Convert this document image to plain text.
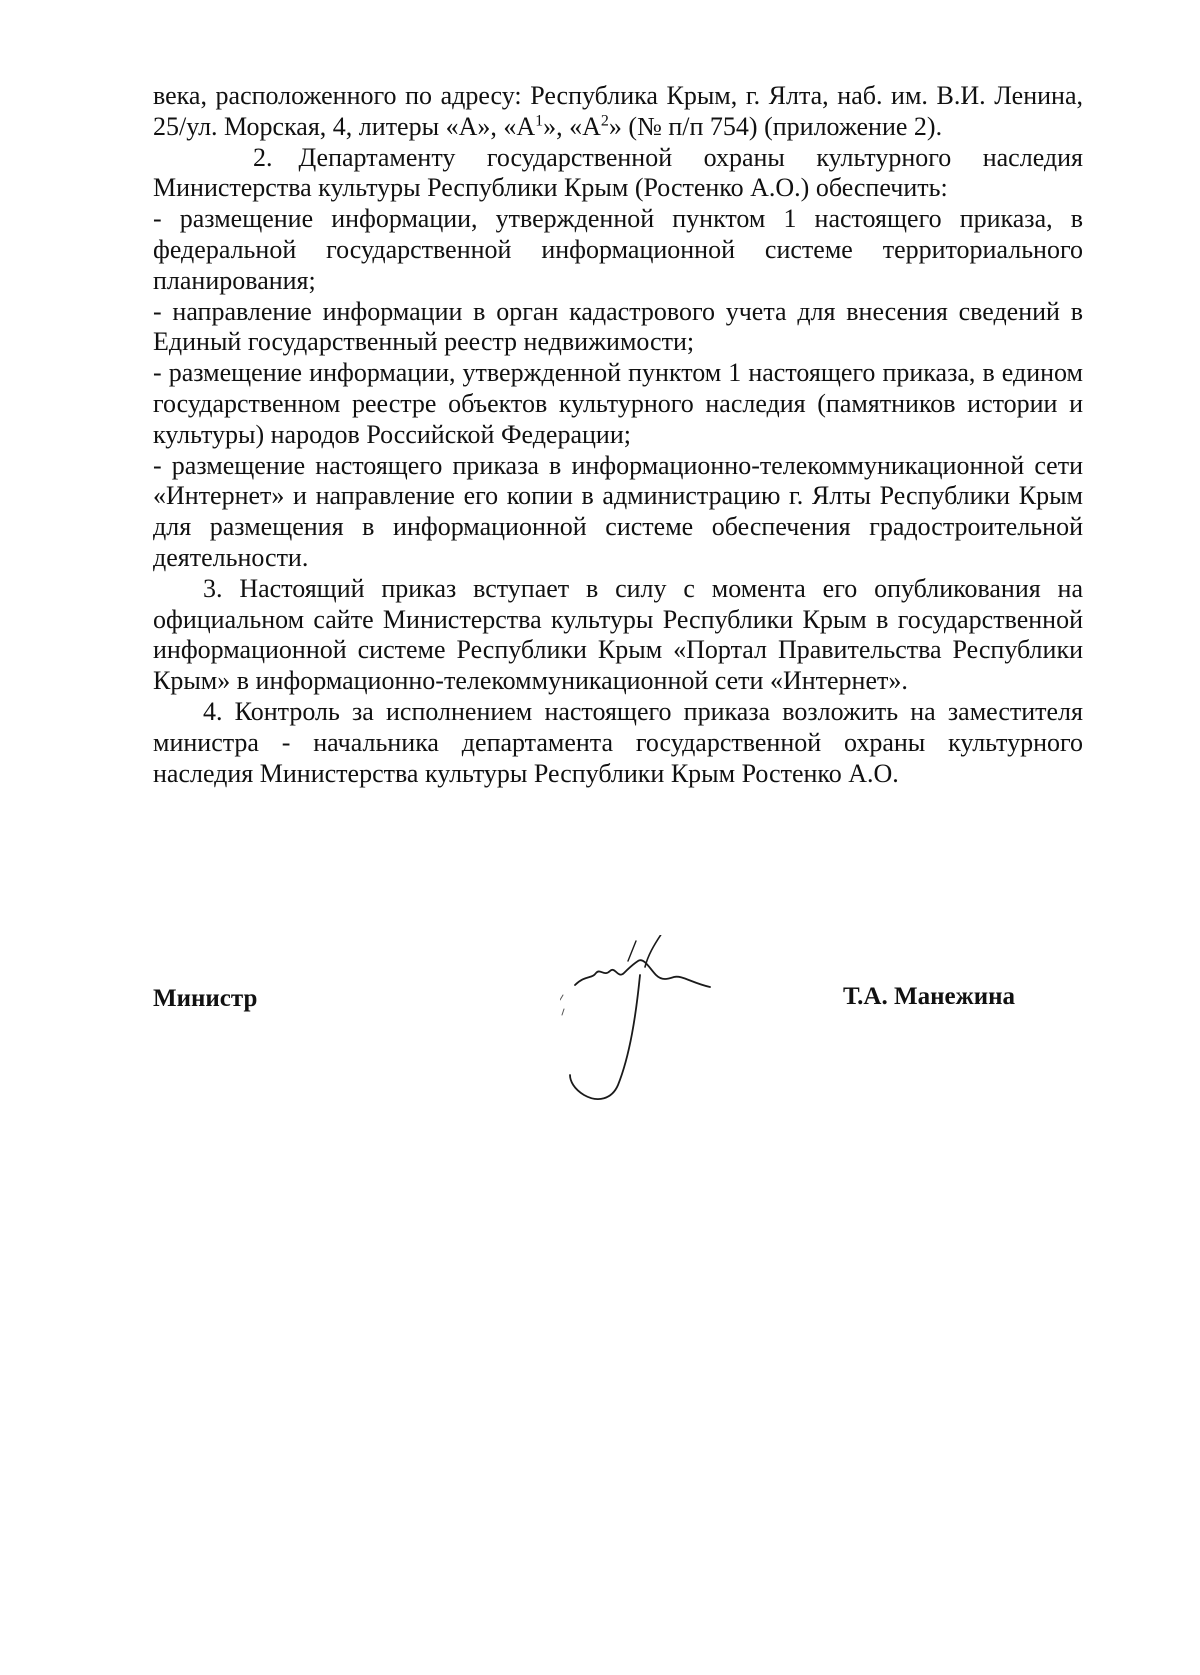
века, расположенного по адресу: Республика Крым, г. Ялта, наб. им. В.И. Ленина, 25/ул. Морская, 4, литеры «А», «$А^1$», «$А^2$» (№ п/п 754) (приложение 2).

2. Департаменту государственной охраны культурного наследия Министерства культуры Республики Крым (Ростенко А.О.) обеспечить:

- размещение информации, утвержденной пунктом 1 настоящего приказа, в федеральной государственной информационной системе территориального планирования;

- направление информации в орган кадастрового учета для внесения сведений в Единый государственный реестр недвижимости;

- размещение информации, утвержденной пунктом 1 настоящего приказа, в едином государственном реестре объектов культурного наследия (памятников истории и культуры) народов Российской Федерации;

- размещение настоящего приказа в информационно-телекоммуникационной сети «Интернет» и направление его копии в администрацию г. Ялты Республики Крым для размещения в информационной системе обеспечения градостроительной деятельности.

3. Настоящий приказ вступает в силу с момента его опубликования на официальном сайте Министерства культуры Республики Крым в государственной информационной системе Республики Крым «Портал Правительства Республики Крым» в информационно-телекоммуникационной сети «Интернет».

4. Контроль за исполнением настоящего приказа возложить на заместителя министра - начальника департамента государственной охраны культурного наследия Министерства культуры Республики Крым Ростенко А.О.

Министр	Т.А. Манежина
